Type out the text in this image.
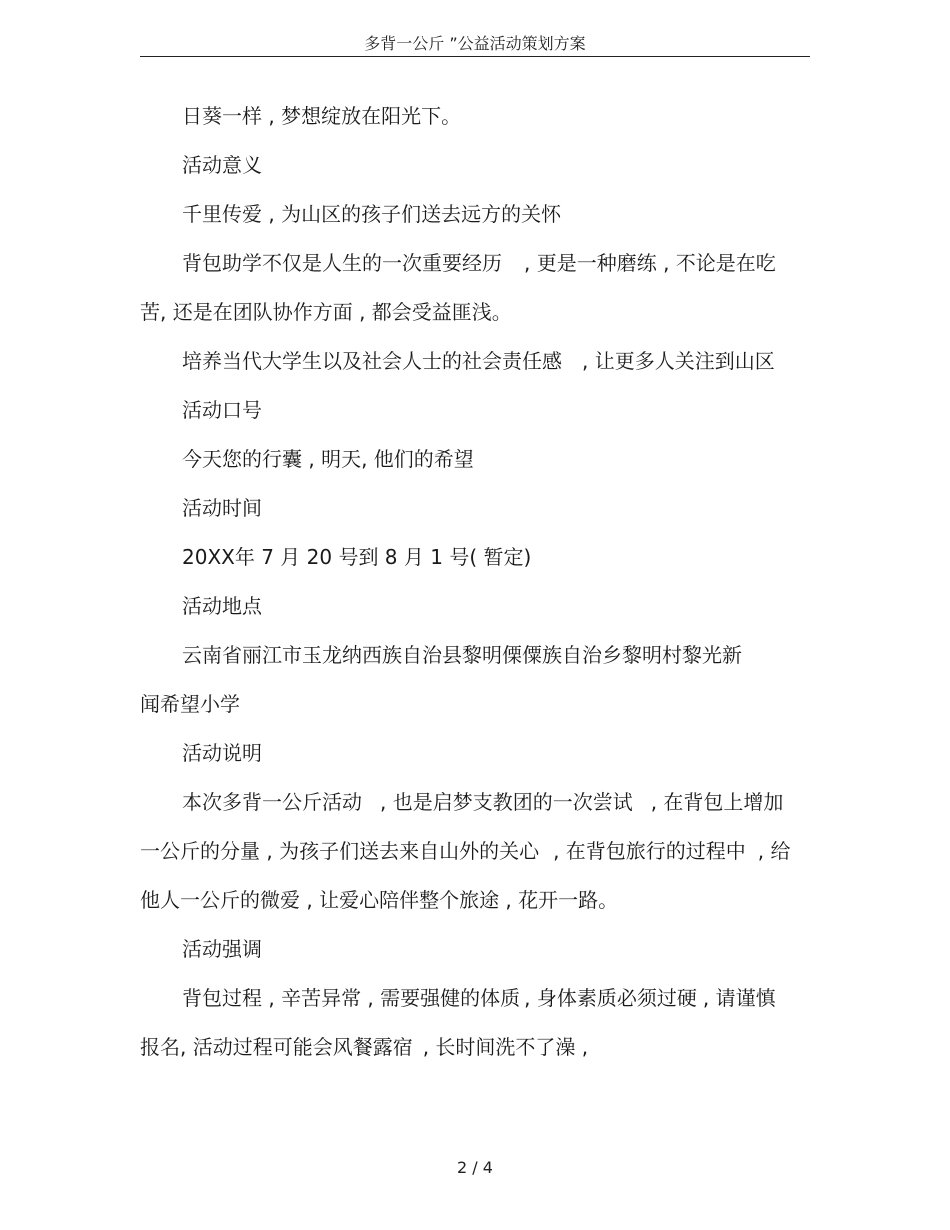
多背一公斤 ”公益活动策划方案
日葵一样 , 梦想绽放在阳光下。
活动意义
千里传爱 , 为山区的孩子们送去远方的关怀
背包助学不仅是人生的一次重要经历 , 更是一种磨练 , 不论是在吃
苦, 还是在团队协作方面 , 都会受益匪浅。
培养当代大学生以及社会人士的社会责任感 , 让更多人关注到山区
活动口号
今天您的行囊 , 明天, 他们的希望
活动时间
20XX年 7 月 20 号到 8 月 1 号( 暂定)
活动地点
云南省丽江市玉龙纳西族自治县黎明傈僳族自治乡黎明村黎光新
闻希望小学
活动说明
本次多背一公斤活动 , 也是启梦支教团的一次尝试 , 在背包上增加
一公斤的分量 , 为孩子们送去来自山外的关心 , 在背包旅行的过程中 , 给
他人一公斤的微爱 , 让爱心陪伴整个旅途 , 花开一路。
活动强调
背包过程 , 辛苦异常 , 需要强健的体质 , 身体素质必须过硬 , 请谨慎
报名, 活动过程可能会风餐露宿 , 长时间洗不了澡 ,
2 / 4
